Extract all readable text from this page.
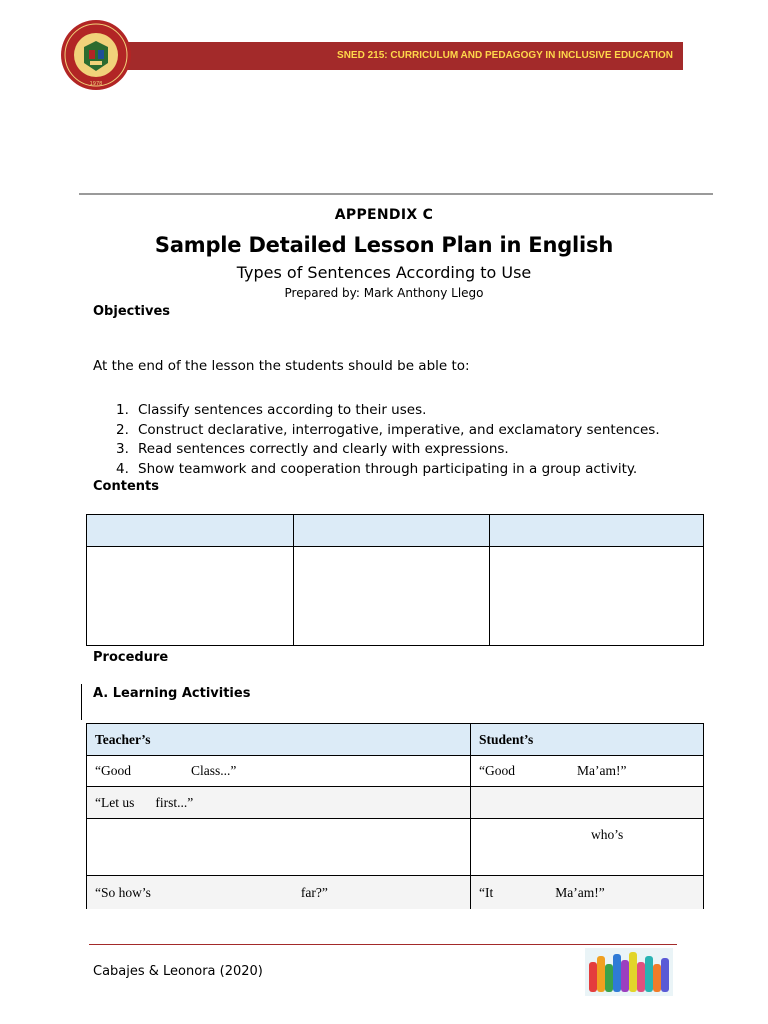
SNED 215: CURRICULUM AND PEDAGOGY IN INCLUSIVE EDUCATION
1978
APPENDIX C
Sample Detailed Lesson Plan in English
Types of Sentences According to Use
Prepared by: Mark Anthony Llego
Objectives
At the end of the lesson the students should be able to:
1. Classify sentences according to their uses.
2. Construct declarative, interrogative, imperative, and exclamatory sentences.
3. Read sentences correctly and clearly with expressions.
4. Show teamwork and cooperation through participating in a group activity.
Contents

Procedure
A. Learning Activities
Teacher’s	Student’s
“Good Class...”	“Good Ma’am!”
“Let us first...”	
	who’s
“So how’s far?”	“It Ma’am!”
Cabajes & Leonora (2020)
